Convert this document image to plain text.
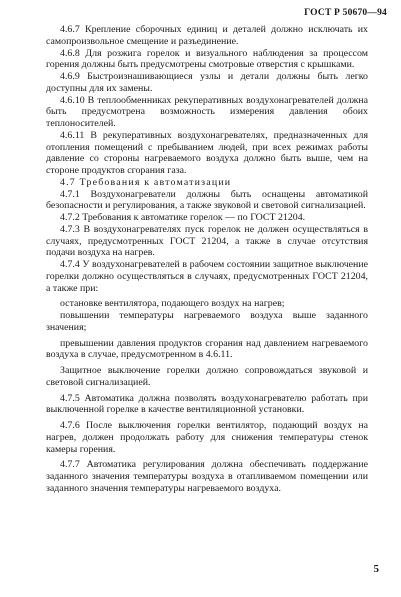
ГОСТ Р 50670—94

4.6.7 Крепление сборочных единиц и деталей должно исключать их самопроизвольное смещение и разъединение.

4.6.8 Для розжига горелок и визуального наблюдения за процессом горения должны быть предусмотрены смотровые отверстия с крышками.

4.6.9 Быстроизнашивающиеся узлы и детали должны быть легко доступны для их замены.

4.6.10 В теплообменниках рекуперативных воздухонагревателей должна быть предусмотрена возможность измерения давления обоих теплоносителей.

4.6.11 В рекуперативных воздухонагревателях, предназначенных для отопления помещений с пребыванием людей, при всех режимах работы давление со стороны нагреваемого воздуха должно быть выше, чем на стороне продуктов сгорания газа.

4.7 Требования к автоматизации

4.7.1 Воздухонагреватели должны быть оснащены автоматикой безопасности и регулирования, а также звуковой и световой сигнализацией.

4.7.2 Требования к автоматике горелок — по ГОСТ 21204.

4.7.3 В воздухонагревателях пуск горелок не должен осуществляться в случаях, предусмотренных ГОСТ 21204, а также в случае отсутствия подачи воздуха на нагрев.

4.7.4 У воздухонагревателей в рабочем состоянии защитное выключение горелки должно осуществляться в случаях, предусмотренных ГОСТ 21204, а также при:

остановке вентилятора, подающего воздух на нагрев;

повышении температуры нагреваемого воздуха выше заданного значения;

превышении давления продуктов сгорания над давлением нагреваемого воздуха в случае, предусмотренном в 4.6.11.

Защитное выключение горелки должно сопровождаться звуковой и световой сигнализацией.

4.7.5 Автоматика должна позволять воздухонагревателю работать при выключенной горелке в качестве вентиляционной установки.

4.7.6 После выключения горелки вентилятор, подающий воздух на нагрев, должен продолжать работу для снижения температуры стенок камеры горения.

4.7.7 Автоматика регулирования должна обеспечивать поддержание заданного значения температуры воздуха в отапливаемом помещении или заданного значения температуры нагреваемого воздуха.

5
